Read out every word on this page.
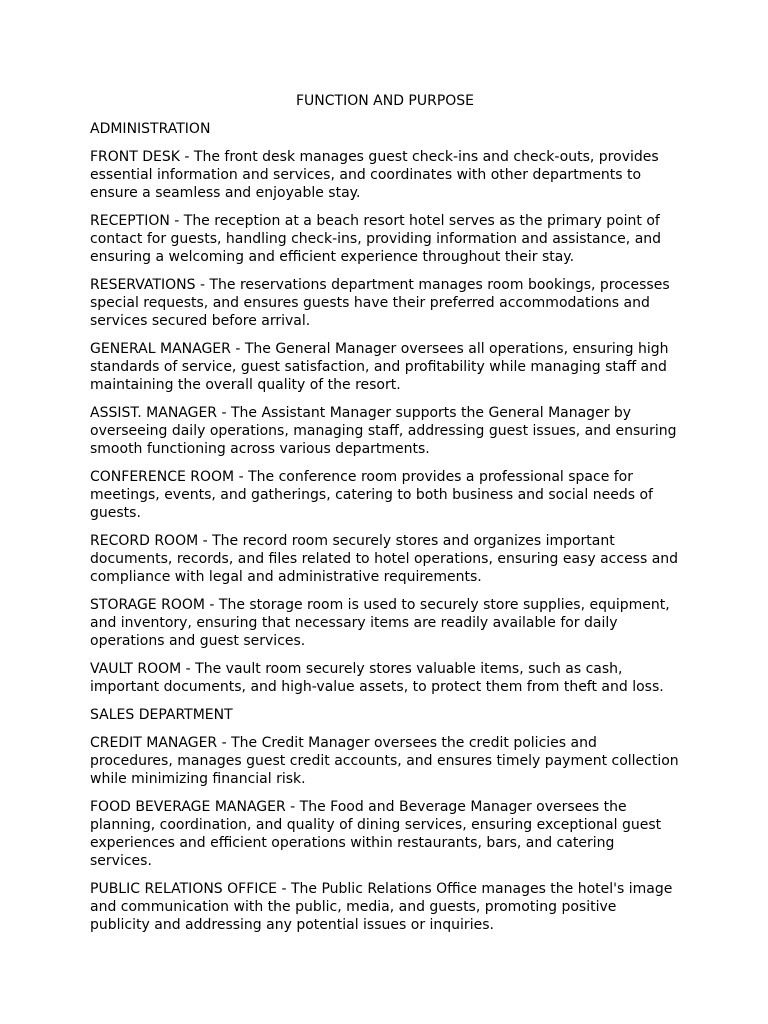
FUNCTION AND PURPOSE

ADMINISTRATION

FRONT DESK - The front desk manages guest check-ins and check-outs, provides essential information and services, and coordinates with other departments to ensure a seamless and enjoyable stay.

RECEPTION - The reception at a beach resort hotel serves as the primary point of contact for guests, handling check-ins, providing information and assistance, and ensuring a welcoming and efficient experience throughout their stay.

RESERVATIONS - The reservations department manages room bookings, processes special requests, and ensures guests have their preferred accommodations and services secured before arrival.

GENERAL MANAGER - The General Manager oversees all operations, ensuring high standards of service, guest satisfaction, and profitability while managing staff and maintaining the overall quality of the resort.

ASSIST. MANAGER - The Assistant Manager supports the General Manager by overseeing daily operations, managing staff, addressing guest issues, and ensuring smooth functioning across various departments.

CONFERENCE ROOM - The conference room provides a professional space for meetings, events, and gatherings, catering to both business and social needs of guests.

RECORD ROOM - The record room securely stores and organizes important documents, records, and files related to hotel operations, ensuring easy access and compliance with legal and administrative requirements.

STORAGE ROOM - The storage room is used to securely store supplies, equipment, and inventory, ensuring that necessary items are readily available for daily operations and guest services.

VAULT ROOM - The vault room securely stores valuable items, such as cash, important documents, and high-value assets, to protect them from theft and loss.

SALES DEPARTMENT

CREDIT MANAGER - The Credit Manager oversees the credit policies and procedures, manages guest credit accounts, and ensures timely payment collection while minimizing financial risk.

FOOD BEVERAGE MANAGER - The Food and Beverage Manager oversees the planning, coordination, and quality of dining services, ensuring exceptional guest experiences and efficient operations within restaurants, bars, and catering services.

PUBLIC RELATIONS OFFICE - The Public Relations Office manages the hotel's image and communication with the public, media, and guests, promoting positive publicity and addressing any potential issues or inquiries.
